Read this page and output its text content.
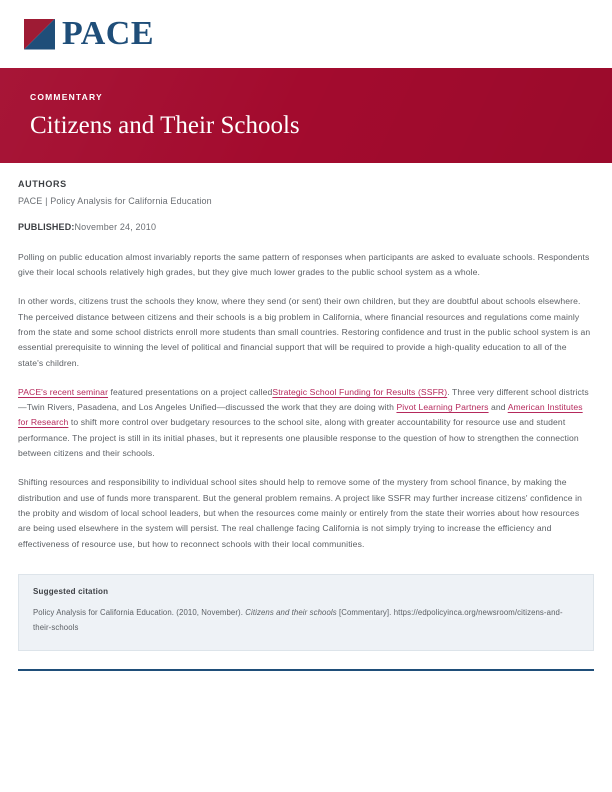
PACE
COMMENTARY
Citizens and Their Schools
AUTHORS
PACE | Policy Analysis for California Education
PUBLISHED:November 24, 2010

Polling on public education almost invariably reports the same pattern of responses when participants are asked to evaluate schools. Respondents give their local schools relatively high grades, but they give much lower grades to the public school system as a whole.

In other words, citizens trust the schools they know, where they send (or sent) their own children, but they are doubtful about schools elsewhere. The perceived distance between citizens and their schools is a big problem in California, where financial resources and regulations come mainly from the state and some school districts enroll more students than small countries. Restoring confidence and trust in the public school system is an essential prerequisite to winning the level of political and financial support that will be required to provide a high-quality education to all of the state's children.

PACE's recent seminar featured presentations on a project calledStrategic School Funding for Results (SSFR). Three very different school districts—Twin Rivers, Pasadena, and Los Angeles Unified—discussed the work that they are doing with Pivot Learning Partners and American Institutes for Research to shift more control over budgetary resources to the school site, along with greater accountability for resource use and student performance. The project is still in its initial phases, but it represents one plausible response to the question of how to strengthen the connection between citizens and their schools.

Shifting resources and responsibility to individual school sites should help to remove some of the mystery from school finance, by making the distribution and use of funds more transparent. But the general problem remains. A project like SSFR may further increase citizens' confidence in the probity and wisdom of local school leaders, but when the resources come mainly or entirely from the state their worries about how resources are being used elsewhere in the system will persist. The real challenge facing California is not simply trying to increase the efficiency and effectiveness of resource use, but how to reconnect schools with their local communities.

Suggested citation
Policy Analysis for California Education. (2010, November). Citizens and their schools [Commentary]. https://edpolicyinca.org/newsroom/citizens-and-their-schools
